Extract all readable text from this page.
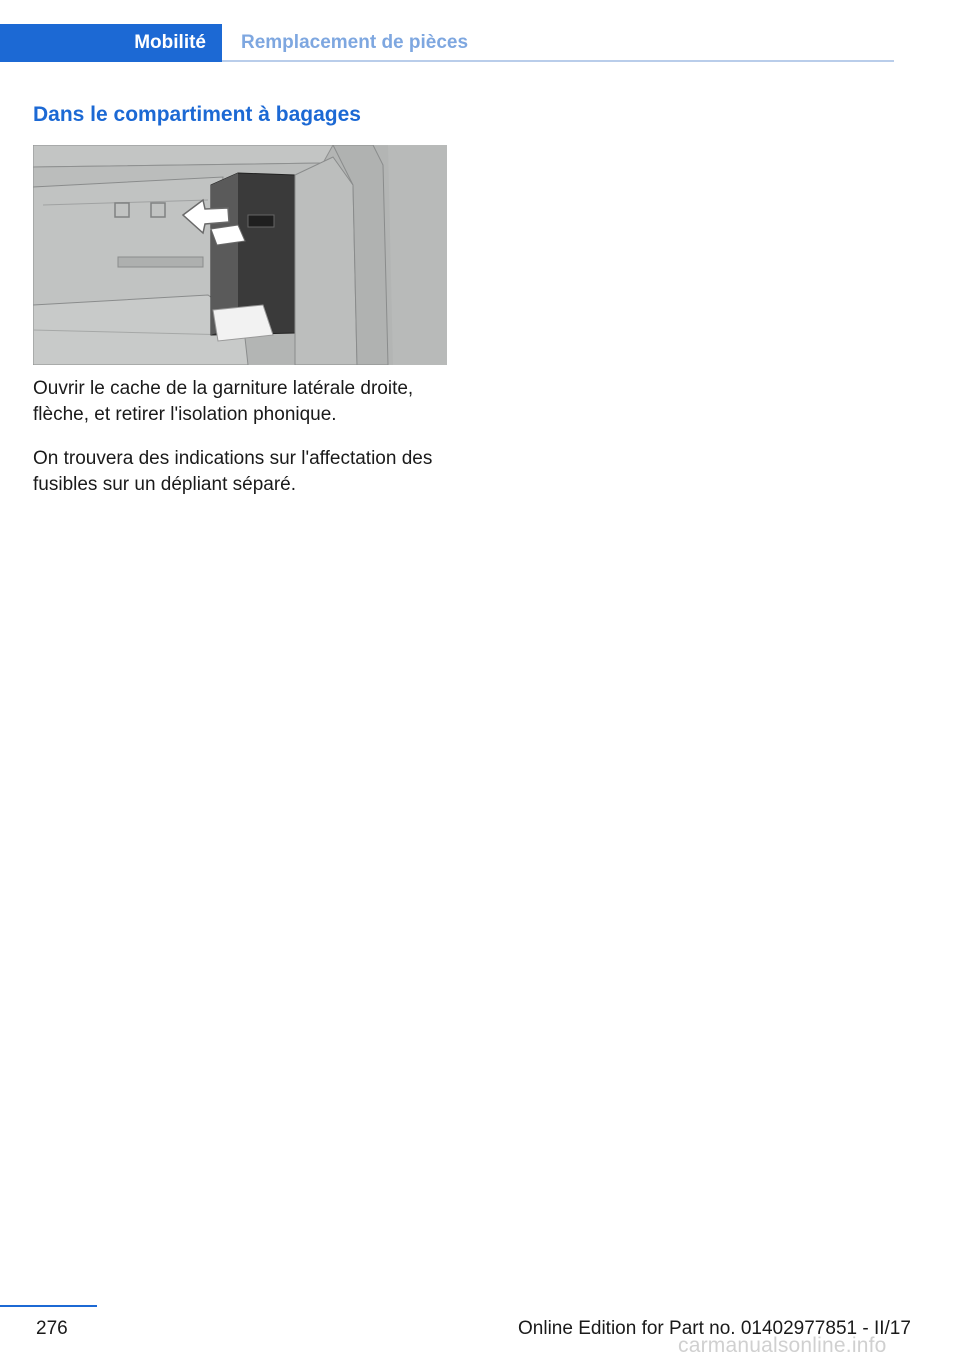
Mobilité Remplacement de pièces
Dans le compartiment à bagages

Ouvrir le cache de la garniture latérale droite, flèche, et retirer l'isolation phonique.

On trouvera des indications sur l'affectation des fusibles sur un dépliant séparé.

276	Online Edition for Part no. 01402977851 - II/17
carmanualsonline.info
